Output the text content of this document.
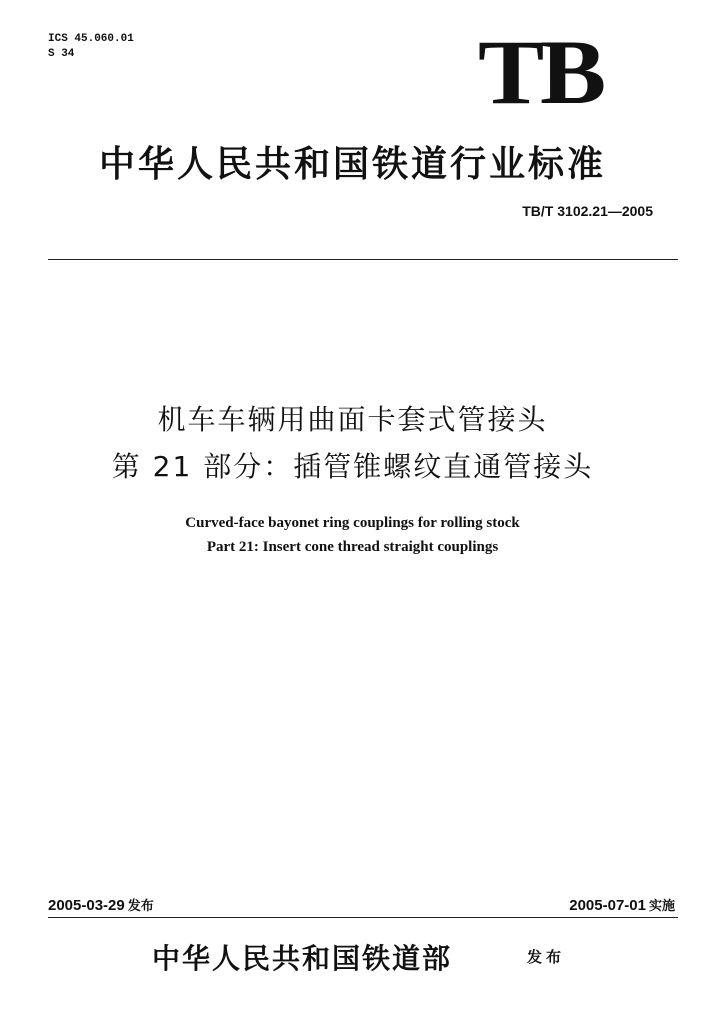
ICS 45.060.01
S 34	TB
中华人民共和国铁道行业标准
TB/T 3102.21—2005
机车车辆用曲面卡套式管接头
第 21 部分：插管锥螺纹直通管接头
Curved-face bayonet ring couplings for rolling stock
Part 21: Insert cone thread straight couplings
2005-03-29 发布	2005-07-01 实施
中华人民共和国铁道部	发布
